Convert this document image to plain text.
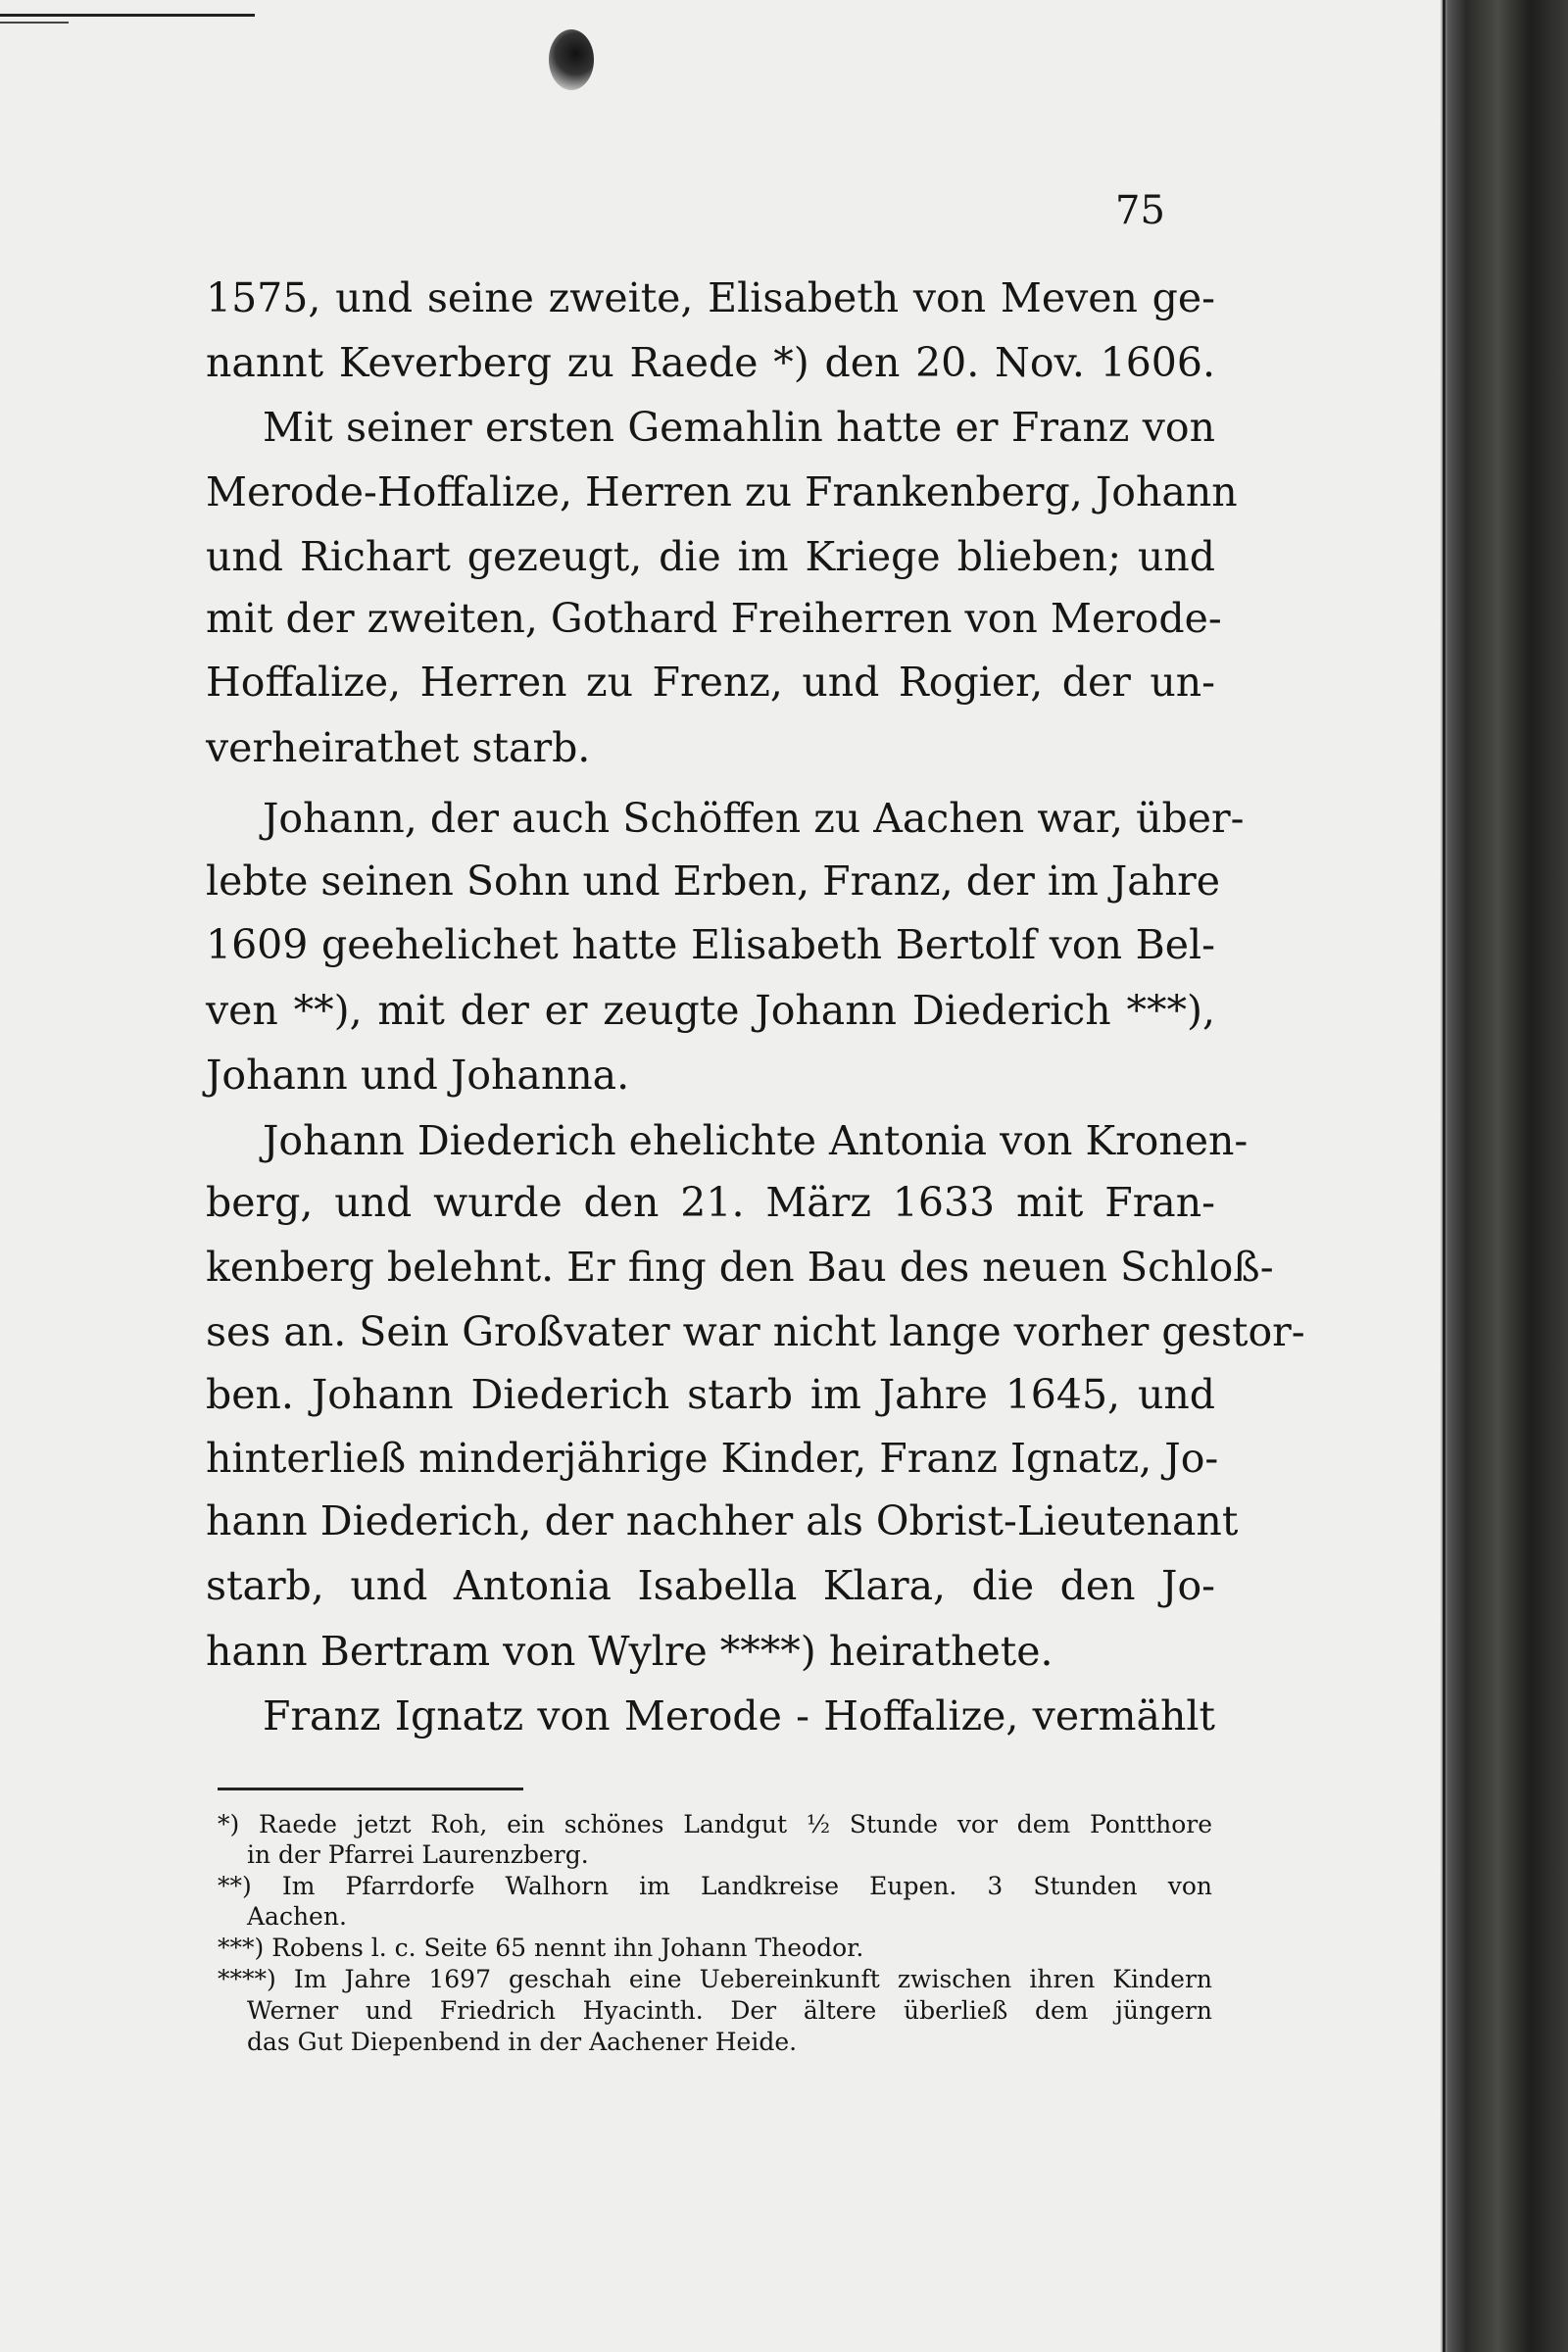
75
1575, und seine zweite, Elisabeth von Meven ge-
nannt Keverberg zu Raede *) den 20. Nov. 1606.
Mit seiner ersten Gemahlin hatte er Franz von
Merode-Hoffalize, Herren zu Frankenberg, Johann
und Richart gezeugt, die im Kriege blieben; und
mit der zweiten, Gothard Freiherren von Merode-
Hoffalize, Herren zu Frenz, und Rogier, der un-
verheirathet starb.
Johann, der auch Schöffen zu Aachen war, über-
lebte seinen Sohn und Erben, Franz, der im Jahre
1609 geehelichet hatte Elisabeth Bertolf von Bel-
ven **), mit der er zeugte Johann Diederich ***),
Johann und Johanna.
Johann Diederich ehelichte Antonia von Kronen-
berg, und wurde den 21. März 1633 mit Fran-
kenberg belehnt. Er fing den Bau des neuen Schloß-
ses an. Sein Großvater war nicht lange vorher gestor-
ben. Johann Diederich starb im Jahre 1645, und
hinterließ minderjährige Kinder, Franz Ignatz, Jo-
hann Diederich, der nachher als Obrist-Lieutenant
starb, und Antonia Isabella Klara, die den Jo-
hann Bertram von Wylre ****) heirathete.
Franz Ignatz von Merode - Hoffalize, vermählt
*) Raede jetzt Roh, ein schönes Landgut ½ Stunde vor dem Pontthore
in der Pfarrei Laurenzberg.
**) Im Pfarrdorfe Walhorn im Landkreise Eupen. 3 Stunden von
Aachen.
***) Robens l. c. Seite 65 nennt ihn Johann Theodor.
****) Im Jahre 1697 geschah eine Uebereinkunft zwischen ihren Kindern
Werner und Friedrich Hyacinth. Der ältere überließ dem jüngern
das Gut Diepenbend in der Aachener Heide.
